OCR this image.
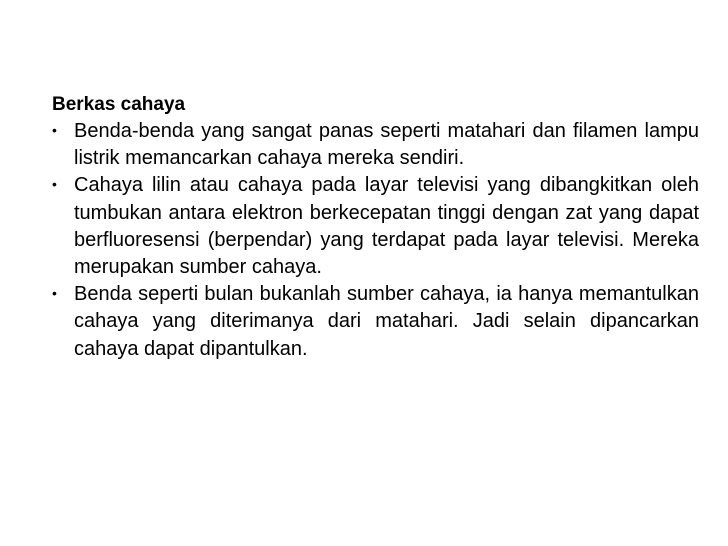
Berkas cahaya

• Benda-benda yang sangat panas seperti matahari dan filamen lampu listrik memancarkan cahaya mereka sendiri.
• Cahaya lilin atau cahaya pada layar televisi yang dibangkitkan oleh tumbukan antara elektron berkecepatan tinggi dengan zat yang dapat berfluoresensi (berpendar) yang terdapat pada layar televisi. Mereka merupakan sumber cahaya.
• Benda seperti bulan bukanlah sumber cahaya, ia hanya memantulkan cahaya yang diterimanya dari matahari. Jadi selain dipancarkan cahaya dapat dipantulkan.
